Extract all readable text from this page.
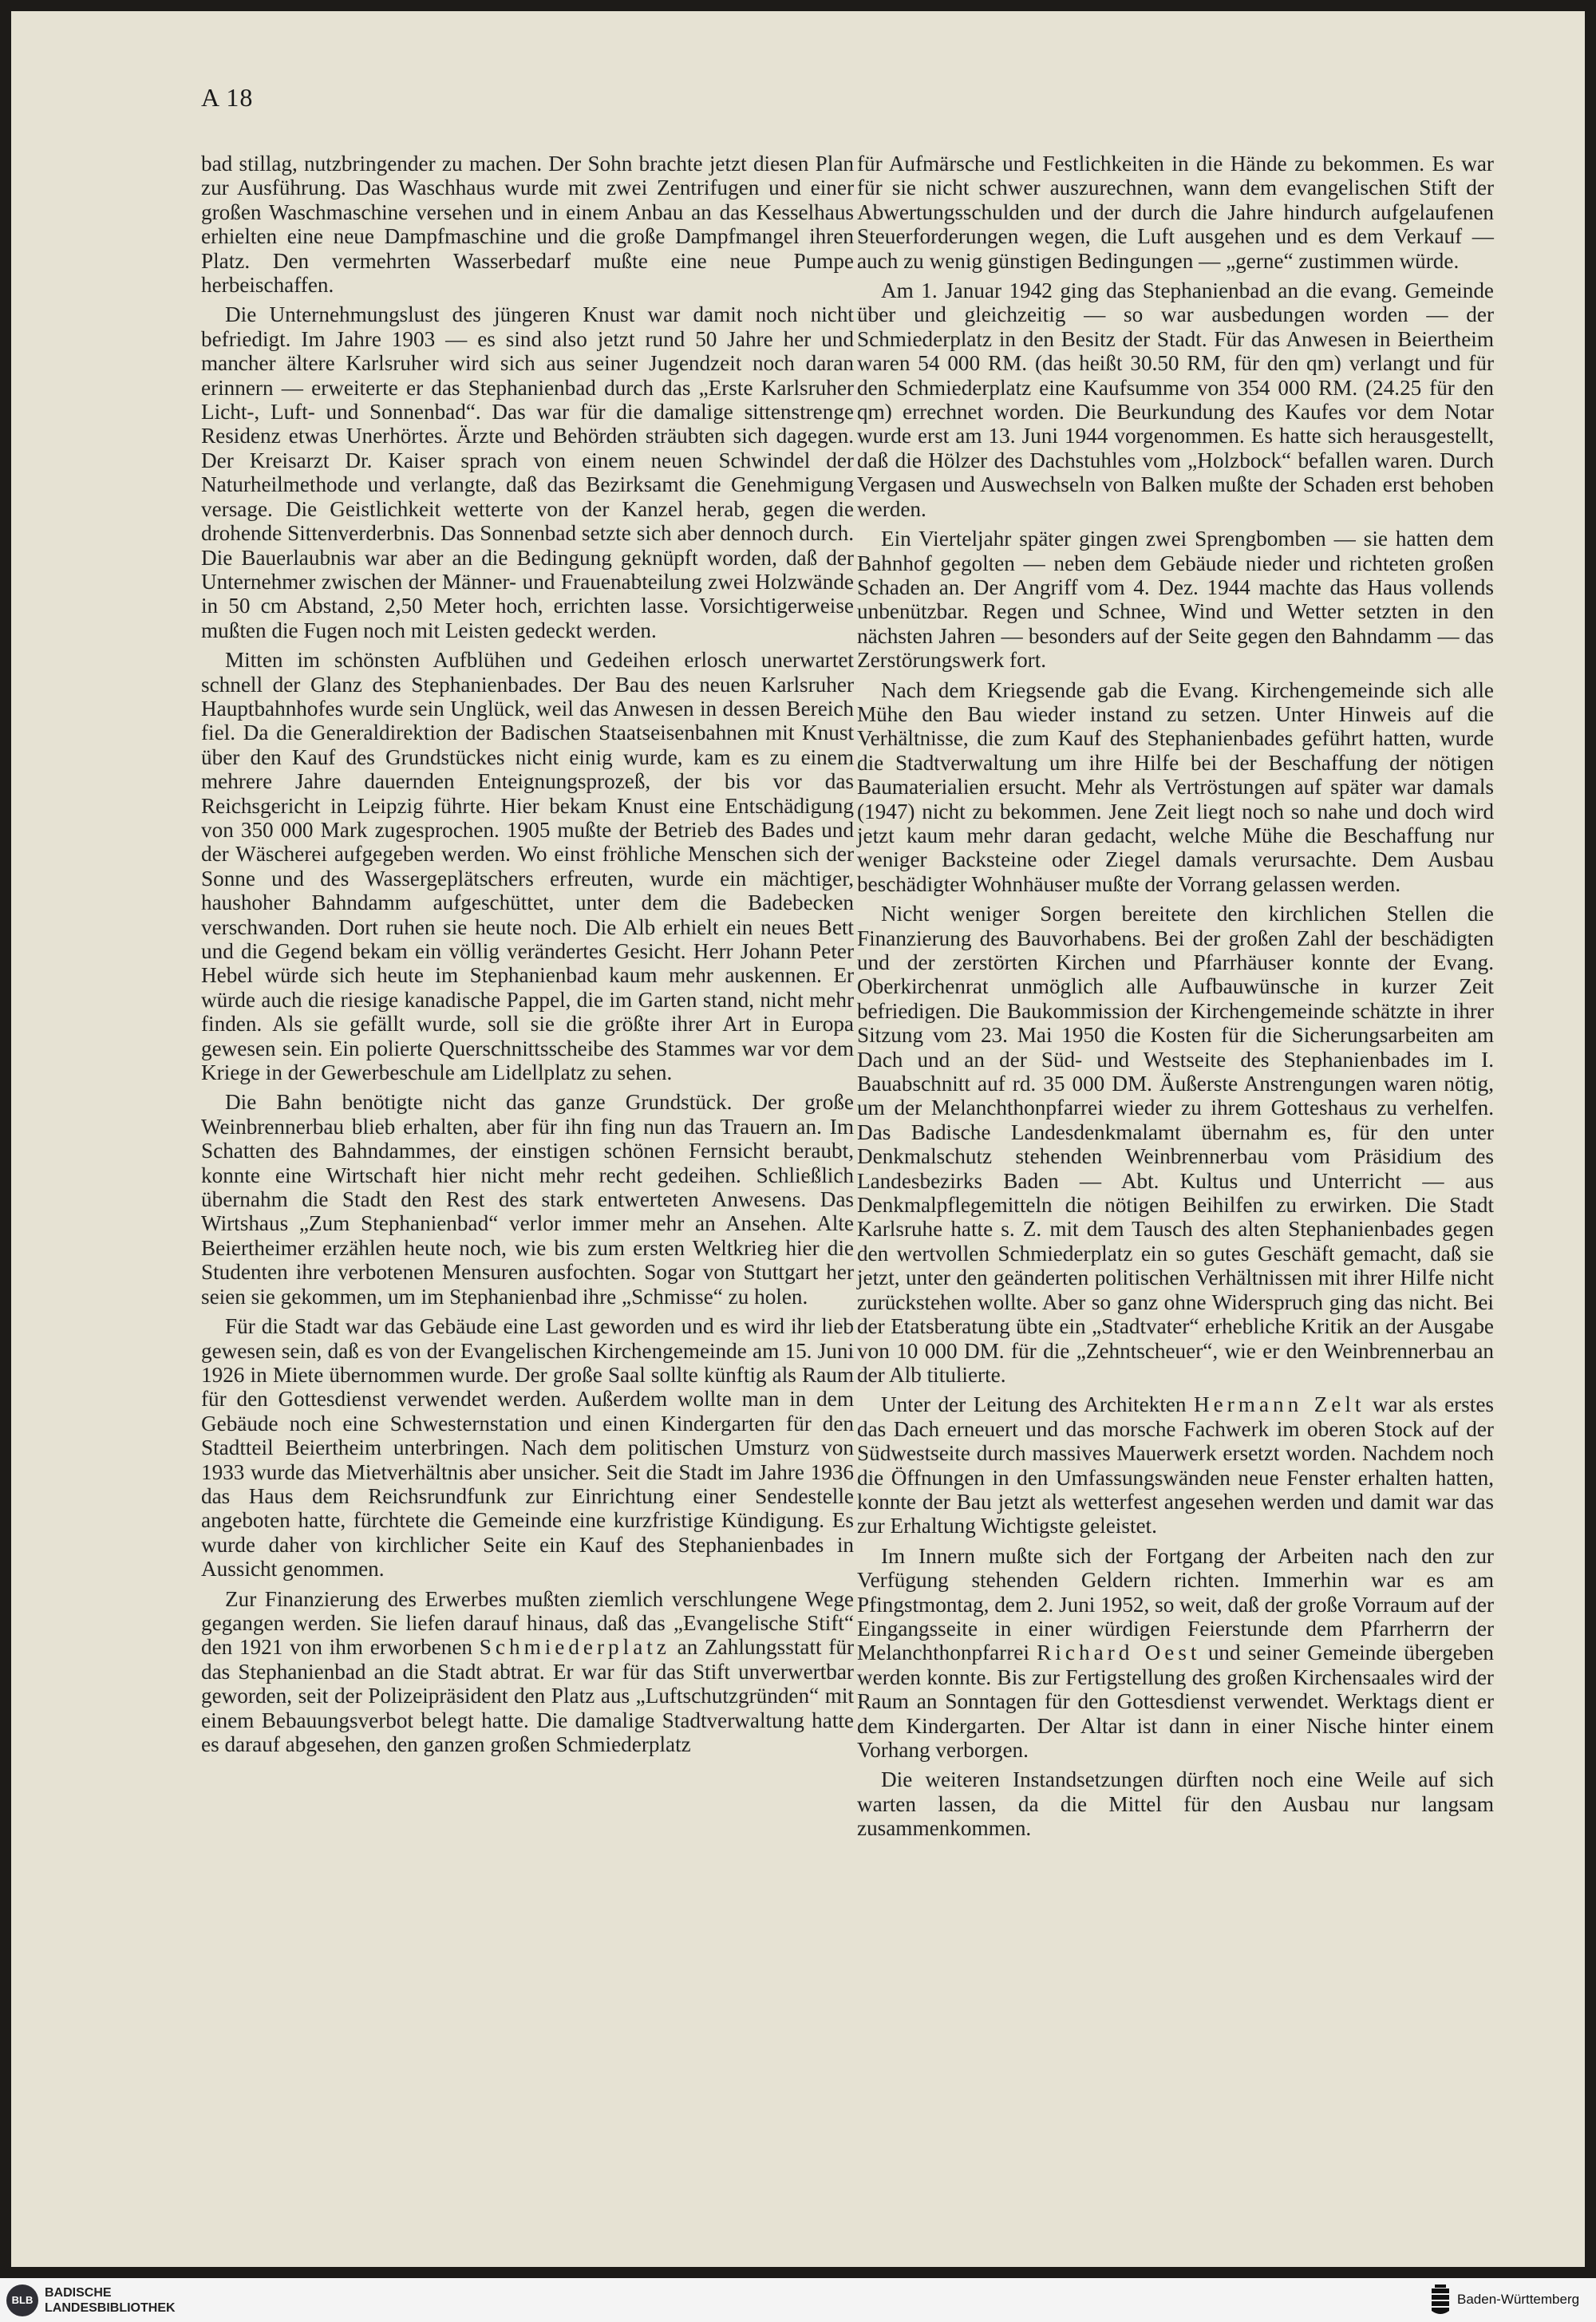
A 18

bad stillag, nutzbringender zu machen. Der Sohn brachte jetzt diesen Plan zur Ausführung. Das Waschhaus wurde mit zwei Zentrifugen und einer großen Waschmaschine versehen und in einem Anbau an das Kesselhaus erhielten eine neue Dampfmaschine und die große Dampfmangel ihren Platz. Den vermehrten Wasserbedarf mußte eine neue Pumpe herbeischaffen.

Die Unternehmungslust des jüngeren Knust war damit noch nicht befriedigt. Im Jahre 1903 — es sind also jetzt rund 50 Jahre her und mancher ältere Karlsruher wird sich aus seiner Jugendzeit noch daran erinnern — erweiterte er das Stephanienbad durch das „Erste Karlsruher Licht-, Luft- und Sonnenbad“. Das war für die damalige sittenstrenge Residenz etwas Unerhörtes. Ärzte und Behörden sträubten sich dagegen. Der Kreisarzt Dr. Kaiser sprach von einem neuen Schwindel der Naturheilmethode und verlangte, daß das Bezirksamt die Genehmigung versage. Die Geistlichkeit wetterte von der Kanzel herab, gegen die drohende Sittenverderbnis. Das Sonnenbad setzte sich aber dennoch durch. Die Bauerlaubnis war aber an die Bedingung geknüpft worden, daß der Unternehmer zwischen der Männer- und Frauenabteilung zwei Holzwände in 50 cm Abstand, 2,50 Meter hoch, errichten lasse. Vorsichtigerweise mußten die Fugen noch mit Leisten gedeckt werden.

Mitten im schönsten Aufblühen und Gedeihen erlosch unerwartet schnell der Glanz des Stephanienbades. Der Bau des neuen Karlsruher Hauptbahnhofes wurde sein Unglück, weil das Anwesen in dessen Bereich fiel. Da die Generaldirektion der Badischen Staatseisenbahnen mit Knust über den Kauf des Grundstückes nicht einig wurde, kam es zu einem mehrere Jahre dauernden Enteignungsprozeß, der bis vor das Reichsgericht in Leipzig führte. Hier bekam Knust eine Entschädigung von 350 000 Mark zugesprochen. 1905 mußte der Betrieb des Bades und der Wäscherei aufgegeben werden. Wo einst fröhliche Menschen sich der Sonne und des Wassergeplätschers erfreuten, wurde ein mächtiger, haushoher Bahndamm aufgeschüttet, unter dem die Badebecken verschwanden. Dort ruhen sie heute noch. Die Alb erhielt ein neues Bett und die Gegend bekam ein völlig verändertes Gesicht. Herr Johann Peter Hebel würde sich heute im Stephanienbad kaum mehr auskennen. Er würde auch die riesige kanadische Pappel, die im Garten stand, nicht mehr finden. Als sie gefällt wurde, soll sie die größte ihrer Art in Europa gewesen sein. Ein polierte Querschnittsscheibe des Stammes war vor dem Kriege in der Gewerbeschule am Lidellplatz zu sehen.

Die Bahn benötigte nicht das ganze Grundstück. Der große Weinbrennerbau blieb erhalten, aber für ihn fing nun das Trauern an. Im Schatten des Bahndammes, der einstigen schönen Fernsicht beraubt, konnte eine Wirtschaft hier nicht mehr recht gedeihen. Schließlich übernahm die Stadt den Rest des stark entwerteten Anwesens. Das Wirtshaus „Zum Stephanienbad“ verlor immer mehr an Ansehen. Alte Beiertheimer erzählen heute noch, wie bis zum ersten Weltkrieg hier die Studenten ihre verbotenen Mensuren ausfochten. Sogar von Stuttgart her seien sie gekommen, um im Stephanienbad ihre „Schmisse“ zu holen.

Für die Stadt war das Gebäude eine Last geworden und es wird ihr lieb gewesen sein, daß es von der Evangelischen Kirchengemeinde am 15. Juni 1926 in Miete übernommen wurde. Der große Saal sollte künftig als Raum für den Gottesdienst verwendet werden. Außerdem wollte man in dem Gebäude noch eine Schwesternstation und einen Kindergarten für den Stadtteil Beiertheim unterbringen. Nach dem politischen Umsturz von 1933 wurde das Mietverhältnis aber unsicher. Seit die Stadt im Jahre 1936 das Haus dem Reichsrundfunk zur Einrichtung einer Sendestelle angeboten hatte, fürchtete die Gemeinde eine kurzfristige Kündigung. Es wurde daher von kirchlicher Seite ein Kauf des Stephanienbades in Aussicht genommen.

Zur Finanzierung des Erwerbes mußten ziemlich verschlungene Wege gegangen werden. Sie liefen darauf hinaus, daß das „Evangelische Stift“ den 1921 von ihm erworbenen Schmiederplatz an Zahlungsstatt für das Stephanienbad an die Stadt abtrat. Er war für das Stift unverwertbar geworden, seit der Polizeipräsident den Platz aus „Luftschutzgründen“ mit einem Bebauungsverbot belegt hatte. Die damalige Stadtverwaltung hatte es darauf abgesehen, den ganzen großen Schmiederplatz

für Aufmärsche und Festlichkeiten in die Hände zu bekommen. Es war für sie nicht schwer auszurechnen, wann dem evangelischen Stift der Abwertungsschulden und der durch die Jahre hindurch aufgelaufenen Steuerforderungen wegen, die Luft ausgehen und es dem Verkauf — auch zu wenig günstigen Bedingungen — „gerne“ zustimmen würde.

Am 1. Januar 1942 ging das Stephanienbad an die evang. Gemeinde über und gleichzeitig — so war ausbedungen worden — der Schmiederplatz in den Besitz der Stadt. Für das Anwesen in Beiertheim waren 54 000 RM. (das heißt 30.50 RM, für den qm) verlangt und für den Schmiederplatz eine Kaufsumme von 354 000 RM. (24.25 für den qm) errechnet worden. Die Beurkundung des Kaufes vor dem Notar wurde erst am 13. Juni 1944 vorgenommen. Es hatte sich herausgestellt, daß die Hölzer des Dachstuhles vom „Holzbock“ befallen waren. Durch Vergasen und Auswechseln von Balken mußte der Schaden erst behoben werden.

Ein Vierteljahr später gingen zwei Sprengbomben — sie hatten dem Bahnhof gegolten — neben dem Gebäude nieder und richteten großen Schaden an. Der Angriff vom 4. Dez. 1944 machte das Haus vollends unbenützbar. Regen und Schnee, Wind und Wetter setzten in den nächsten Jahren — besonders auf der Seite gegen den Bahndamm — das Zerstörungswerk fort.

Nach dem Kriegsende gab die Evang. Kirchengemeinde sich alle Mühe den Bau wieder instand zu setzen. Unter Hinweis auf die Verhältnisse, die zum Kauf des Stephanienbades geführt hatten, wurde die Stadtverwaltung um ihre Hilfe bei der Beschaffung der nötigen Baumaterialien ersucht. Mehr als Vertröstungen auf später war damals (1947) nicht zu bekommen. Jene Zeit liegt noch so nahe und doch wird jetzt kaum mehr daran gedacht, welche Mühe die Beschaffung nur weniger Backsteine oder Ziegel damals verursachte. Dem Ausbau beschädigter Wohnhäuser mußte der Vorrang gelassen werden.

Nicht weniger Sorgen bereitete den kirchlichen Stellen die Finanzierung des Bauvorhabens. Bei der großen Zahl der beschädigten und der zerstörten Kirchen und Pfarrhäuser konnte der Evang. Oberkirchenrat unmöglich alle Aufbauwünsche in kurzer Zeit befriedigen. Die Baukommission der Kirchengemeinde schätzte in ihrer Sitzung vom 23. Mai 1950 die Kosten für die Sicherungsarbeiten am Dach und an der Süd- und Westseite des Stephanienbades im I. Bauabschnitt auf rd. 35 000 DM. Äußerste Anstrengungen waren nötig, um der Melanchthonpfarrei wieder zu ihrem Gotteshaus zu verhelfen. Das Badische Landesdenkmalamt übernahm es, für den unter Denkmalschutz stehenden Weinbrennerbau vom Präsidium des Landesbezirks Baden — Abt. Kultus und Unterricht — aus Denkmalpflegemitteln die nötigen Beihilfen zu erwirken. Die Stadt Karlsruhe hatte s. Z. mit dem Tausch des alten Stephanienbades gegen den wertvollen Schmiederplatz ein so gutes Geschäft gemacht, daß sie jetzt, unter den geänderten politischen Verhältnissen mit ihrer Hilfe nicht zurückstehen wollte. Aber so ganz ohne Widerspruch ging das nicht. Bei der Etatsberatung übte ein „Stadtvater“ erhebliche Kritik an der Ausgabe von 10 000 DM. für die „Zehntscheuer“, wie er den Weinbrennerbau an der Alb titulierte.

Unter der Leitung des Architekten Hermann Zelt war als erstes das Dach erneuert und das morsche Fachwerk im oberen Stock auf der Südwestseite durch massives Mauerwerk ersetzt worden. Nachdem noch die Öffnungen in den Umfassungswänden neue Fenster erhalten hatten, konnte der Bau jetzt als wetterfest angesehen werden und damit war das zur Erhaltung Wichtigste geleistet.

Im Innern mußte sich der Fortgang der Arbeiten nach den zur Verfügung stehenden Geldern richten. Immerhin war es am Pfingstmontag, dem 2. Juni 1952, so weit, daß der große Vorraum auf der Eingangsseite in einer würdigen Feierstunde dem Pfarrherrn der Melanchthonpfarrei Richard Oest und seiner Gemeinde übergeben werden konnte. Bis zur Fertigstellung des großen Kirchensaales wird der Raum an Sonntagen für den Gottesdienst verwendet. Werktags dient er dem Kindergarten. Der Altar ist dann in einer Nische hinter einem Vorhang verborgen.

Die weiteren Instandsetzungen dürften noch eine Weile auf sich warten lassen, da die Mittel für den Ausbau nur langsam zusammenkommen.

BLB
BADISCHE
LANDESBIBLIOTHEK
Baden-Württemberg
